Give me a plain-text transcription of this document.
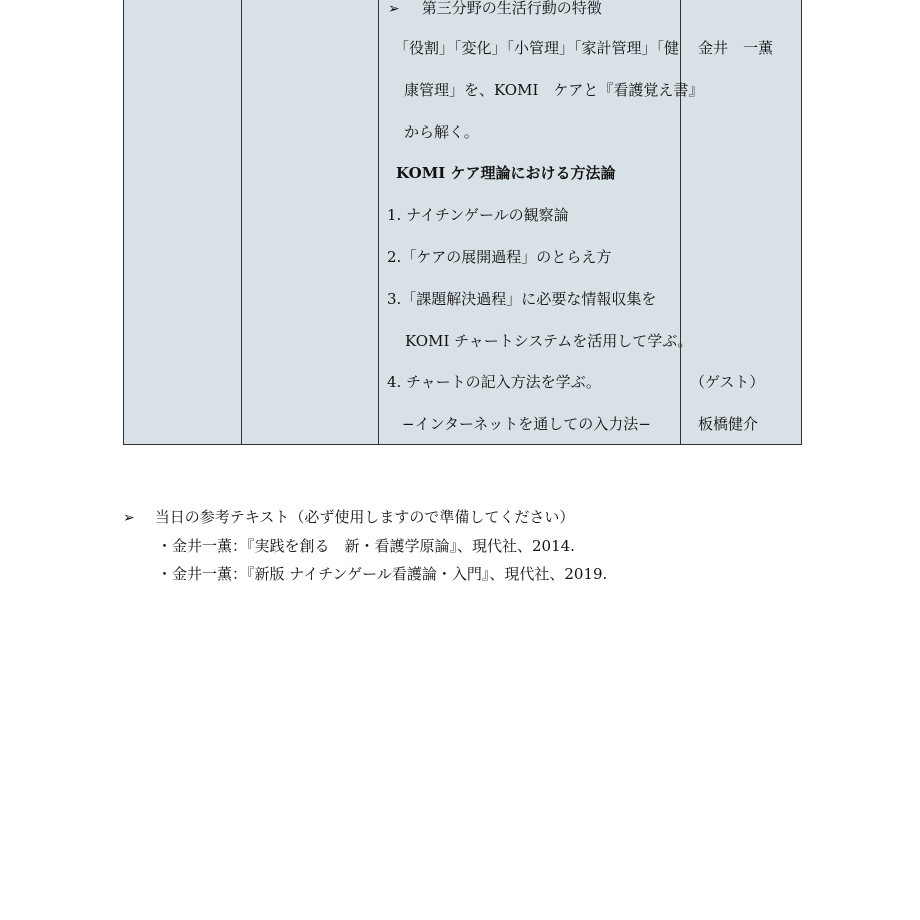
➢ 第三分野の生活行動の特徴
「役割」「変化」「小管理」「家計管理」「健
康管理」を、KOMI　ケアと『看護覚え書』
から解く。
KOMI ケア理論における方法論
1. ナイチンゲールの観察論
2.「ケアの展開過程」のとらえ方
3.「課題解決過程」に必要な情報収集を
KOMI チャートシステムを活用して学ぶ。
4. チャートの記入方法を学ぶ。
−インターネットを通しての入力法−
金井　一薫
（ゲスト）
板橋健介
➢ 当日の参考テキスト（必ず使用しますので準備してください）
・金井一薫：『実践を創る　新・看護学原論』、現代社、2014.
・金井一薫：『新版 ナイチンゲール看護論・入門』、現代社、2019.
